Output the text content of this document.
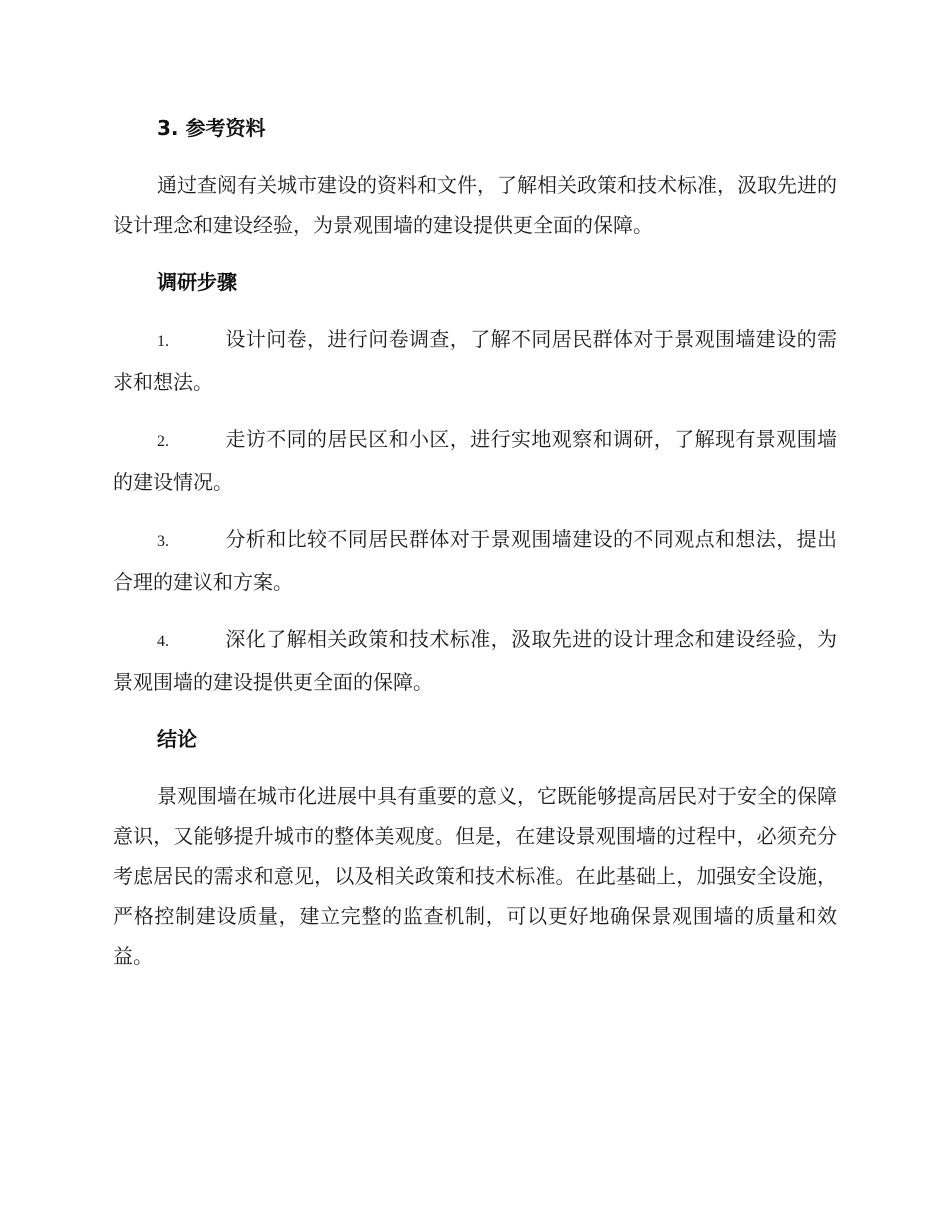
3. 参考资料

通过查阅有关城市建设的资料和文件，了解相关政策和技术标准，汲取先进的设计理念和建设经验，为景观围墙的建设提供更全面的保障。

调研步骤

1.	设计问卷，进行问卷调查，了解不同居民群体对于景观围墙建设的需求和想法。

2.	走访不同的居民区和小区，进行实地观察和调研，了解现有景观围墙的建设情况。

3.	分析和比较不同居民群体对于景观围墙建设的不同观点和想法，提出合理的建议和方案。

4.	深化了解相关政策和技术标准，汲取先进的设计理念和建设经验，为景观围墙的建设提供更全面的保障。

结论

景观围墙在城市化进展中具有重要的意义，它既能够提高居民对于安全的保障意识，又能够提升城市的整体美观度。但是，在建设景观围墙的过程中，必须充分考虑居民的需求和意见，以及相关政策和技术标准。在此基础上，加强安全设施，严格控制建设质量，建立完整的监查机制，可以更好地确保景观围墙的质量和效益。
